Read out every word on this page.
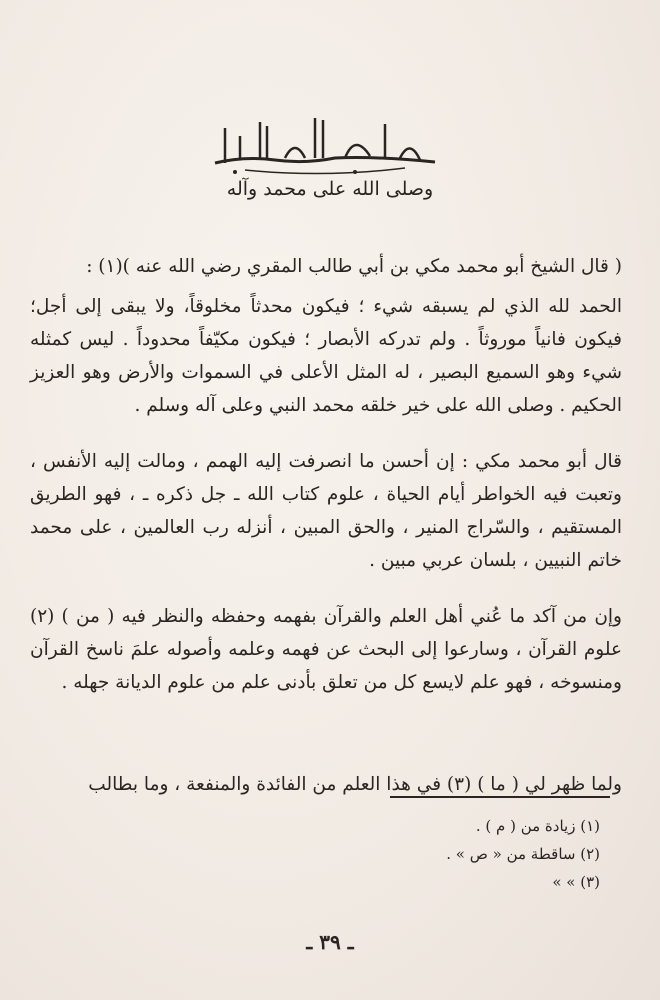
وصلى الله على محمد وآله

( قال الشيخ أبو محمد مكي بن أبي طالب المقري رضي الله عنه )(١) :

الحمد لله الذي لم يسبقه شيء ؛ فيكون محدثاً مخلوقاً، ولا يبقى إلى أجل؛ فيكون فانياً موروثاً . ولم تدركه الأبصار ؛ فيكون مكيّفاً محدوداً . ليس كمثله شيء وهو السميع البصير ، له المثل الأعلى في السموات والأرض وهو العزيز الحكيم . وصلى الله على خير خلقه محمد النبي وعلى آله وسلم .

قال أبو محمد مكي : إن أحسن ما انصرفت إليه الهمم ، ومالت إليه الأنفس ، وتعبت فيه الخواطر أيام الحياة ، علوم كتاب الله ـ جل ذكره ـ ، فهو الطريق المستقيم ، والسّراج المنير ، والحق المبين ، أنزله رب العالمين ، على محمد خاتم النبيين ، بلسان عربي مبين .

وإن من آكد ما عُني أهل العلم والقرآن بفهمه وحفظه والنظر فيه ( من ) (٢) علوم القرآن ، وسارعوا إلى البحث عن فهمه وعلمه وأصوله علمَ ناسخ القرآن ومنسوخه ، فهو علم لايسع كل من تعلق بأدنى علم من علوم الديانة جهله .

ولما ظهر لي ( ما ) (٣) في هذا العلم من الفائدة والمنفعة ، وما بطالب

(١) زيادة من ( م ) .
(٢) ساقطة من « ص » .
(٣) » »
ـ ٣٩ ـ
